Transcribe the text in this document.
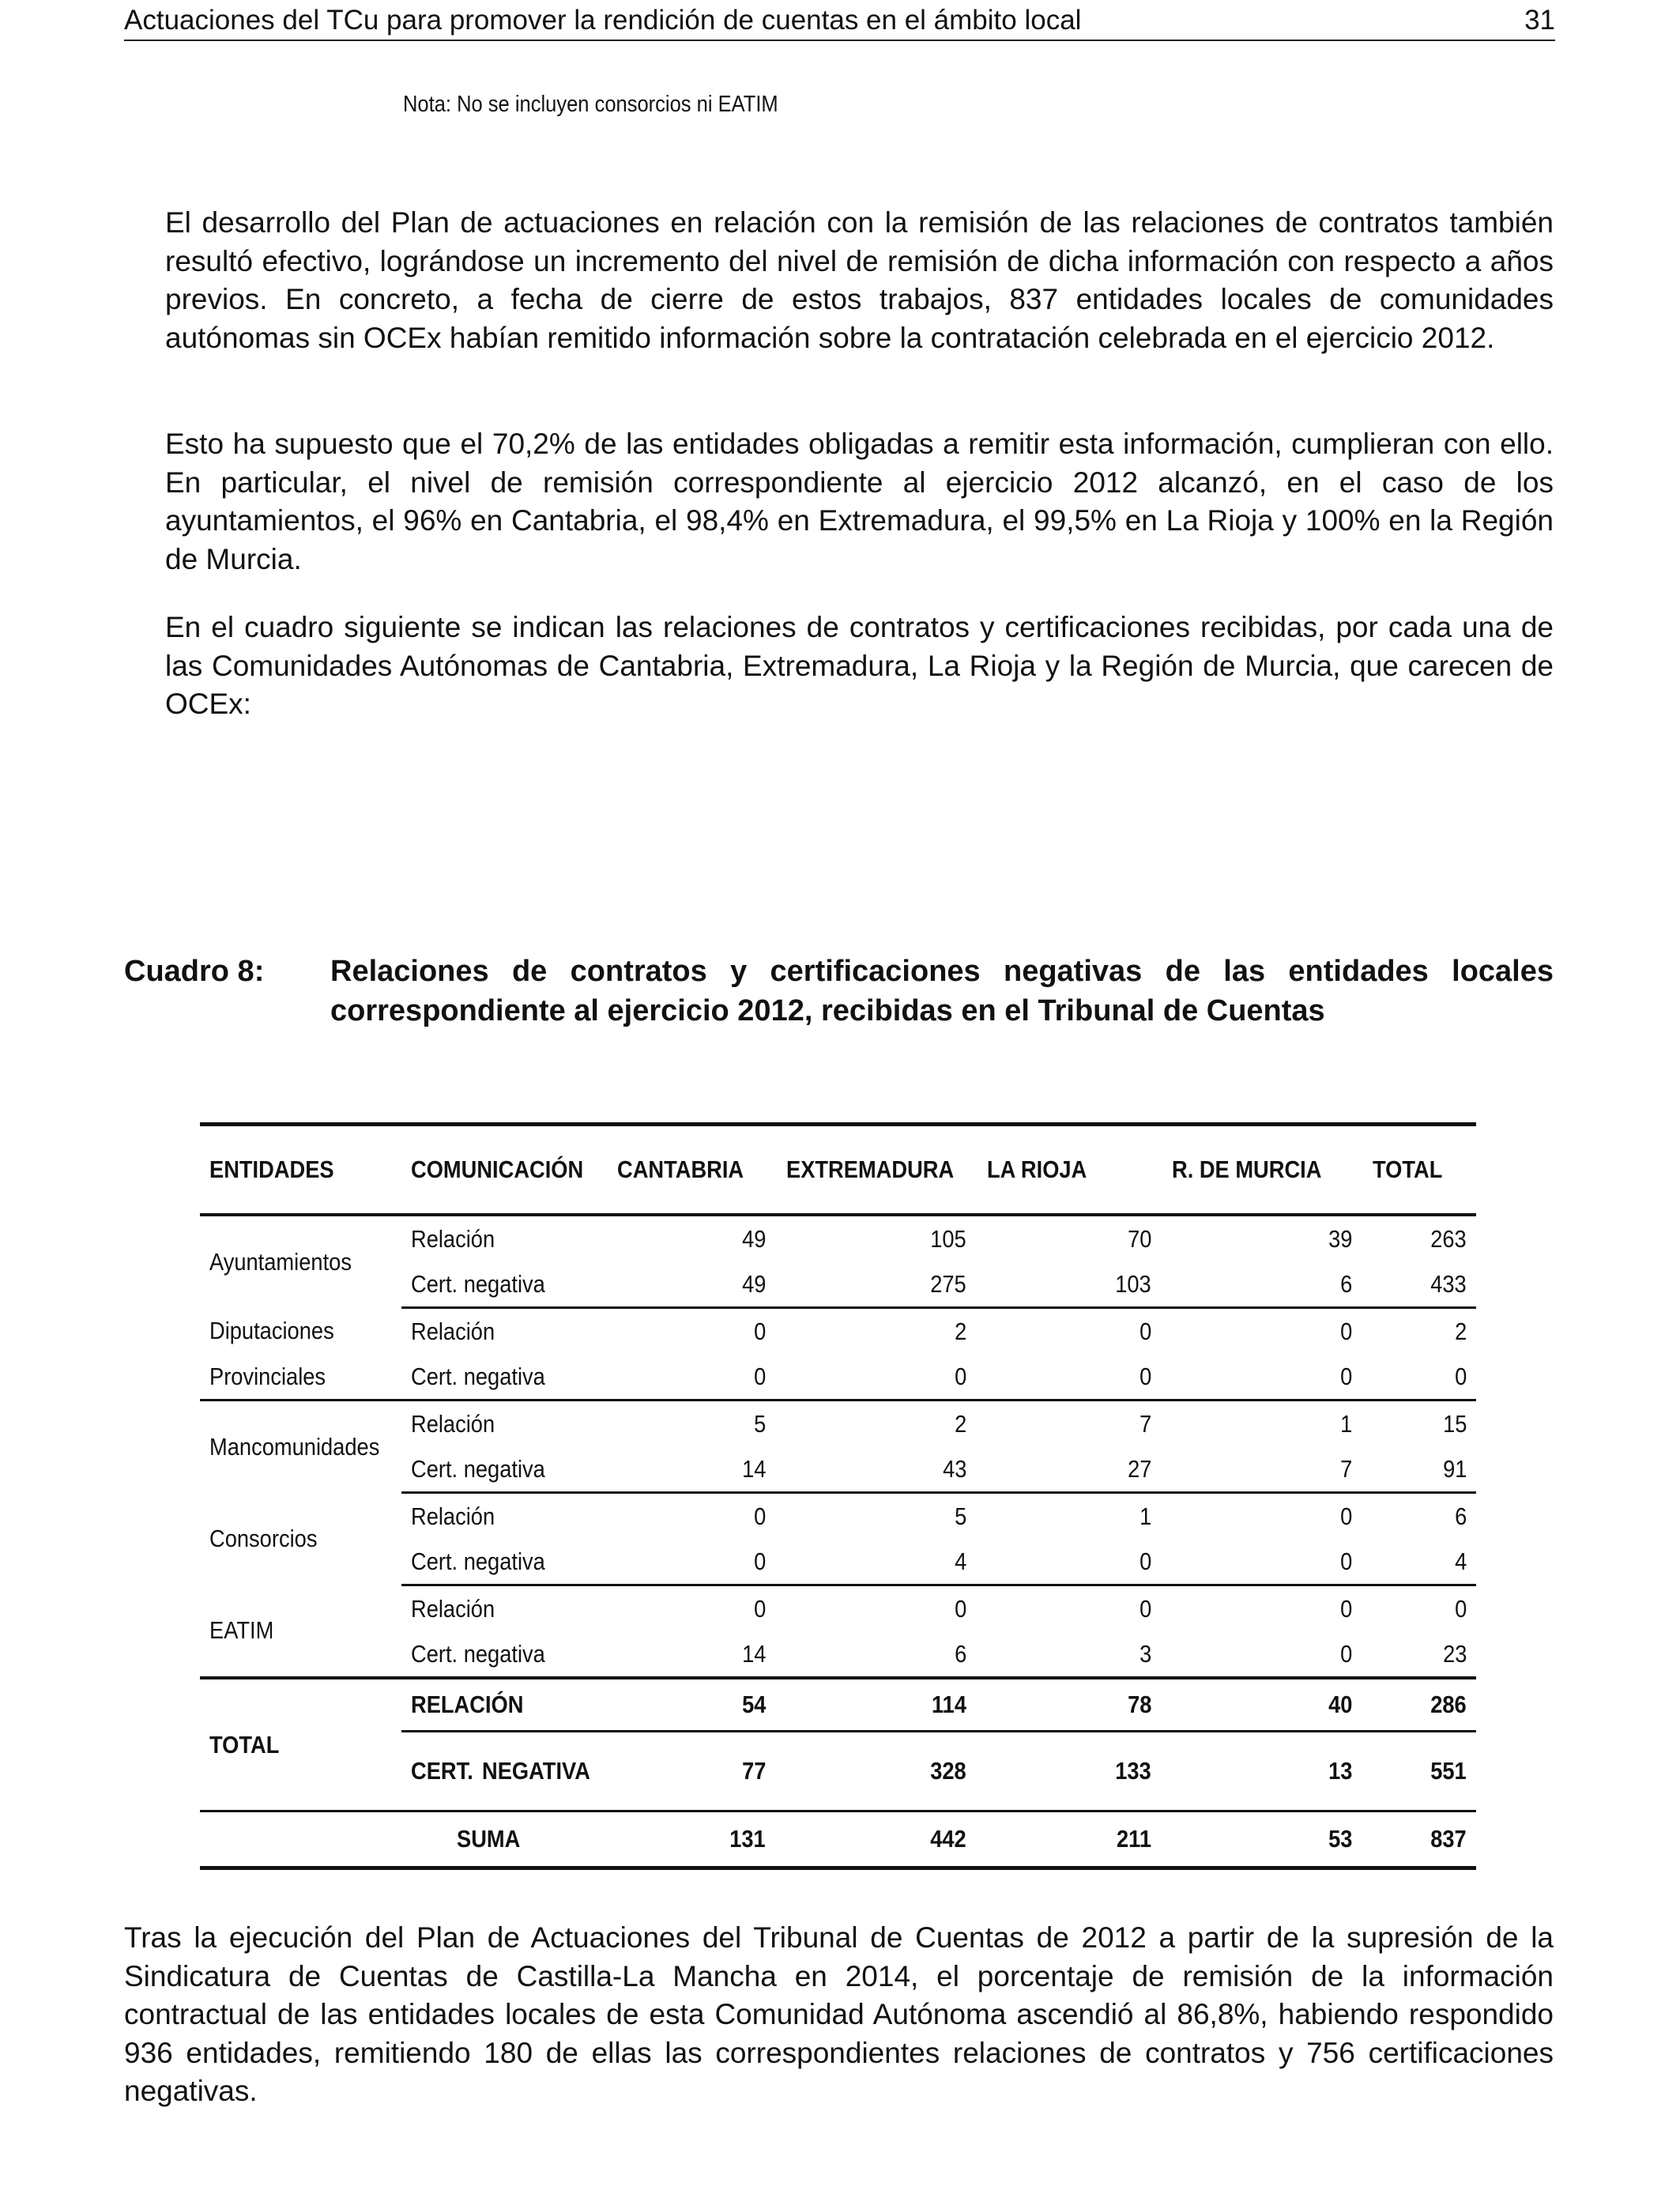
Actuaciones del TCu para promover la rendición de cuentas en el ámbito local	31
Nota: No se incluyen consorcios ni EATIM

El desarrollo del Plan de actuaciones en relación con la remisión de las relaciones de contratos también resultó efectivo, lográndose un incremento del nivel de remisión de dicha información con respecto a años previos. En concreto, a fecha de cierre de estos trabajos, 837 entidades locales de comunidades autónomas sin OCEx habían remitido información sobre la contratación celebrada en el ejercicio 2012.

Esto ha supuesto que el 70,2% de las entidades obligadas a remitir esta información, cumplieran con ello. En particular, el nivel de remisión correspondiente al ejercicio 2012 alcanzó, en el caso de los ayuntamientos, el 96% en Cantabria, el 98,4% en Extremadura, el 99,5% en La Rioja y 100% en la Región de Murcia.

En el cuadro siguiente se indican las relaciones de contratos y certificaciones recibidas, por cada una de las Comunidades Autónomas de Cantabria, Extremadura, La Rioja y la Región de Murcia, que carecen de OCEx:

Cuadro 8: Relaciones de contratos y certificaciones negativas de las entidades locales correspondiente al ejercicio 2012, recibidas en el Tribunal de Cuentas

ENTIDADES	COMUNICACIÓN	CANTABRIA	EXTREMADURA	LA RIOJA	R. DE MURCIA	TOTAL
Ayuntamientos	Relación	49	105	70	39	263
	Cert. negativa	49	275	103	6	433
Diputaciones	Relación	0	2	0	0	2
Provinciales	Cert. negativa	0	0	0	0	0
Mancomunidades	Relación	5	2	7	1	15
	Cert. negativa	14	43	27	7	91
Consorcios	Relación	0	5	1	0	6
	Cert. negativa	0	4	0	0	4
EATIM	Relación	0	0	0	0	0
	Cert. negativa	14	6	3	0	23
TOTAL	RELACIÓN	54	114	78	40	286
	CERT. NEGATIVA	77	328	133	13	551
	SUMA	131	442	211	53	837

Tras la ejecución del Plan de Actuaciones del Tribunal de Cuentas de 2012 a partir de la supresión de la Sindicatura de Cuentas de Castilla-La Mancha en 2014, el porcentaje de remisión de la información contractual de las entidades locales de esta Comunidad Autónoma ascendió al 86,8%, habiendo respondido 936 entidades, remitiendo 180 de ellas las correspondientes relaciones de contratos y 756 certificaciones negativas.
